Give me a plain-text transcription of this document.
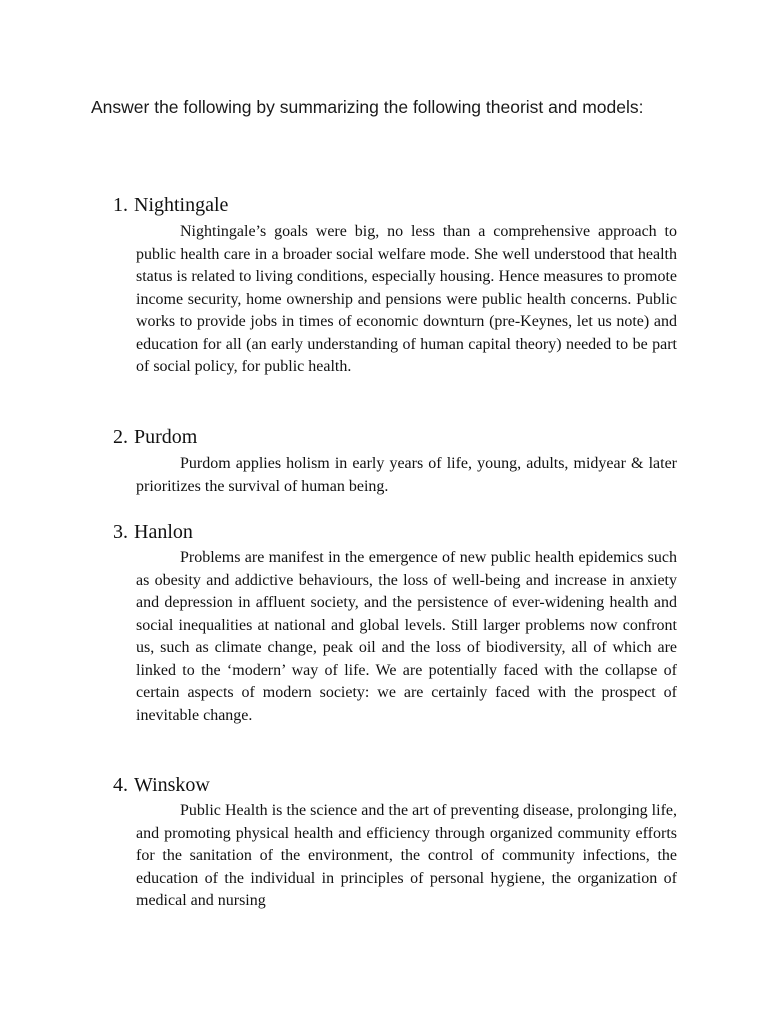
Answer the following by summarizing the following theorist and models:
1. Nightingale
Nightingale’s goals were big, no less than a comprehensive approach to public health care in a broader social welfare mode. She well understood that health status is related to living conditions, especially housing. Hence measures to promote income security, home ownership and pensions were public health concerns. Public works to provide jobs in times of economic downturn (pre-Keynes, let us note) and education for all (an early understanding of human capital theory) needed to be part of social policy, for public health.
2. Purdom
Purdom applies holism in early years of life, young, adults, midyear & later prioritizes the survival of human being.
3. Hanlon
Problems are manifest in the emergence of new public health epidemics such as obesity and addictive behaviours, the loss of well-being and increase in anxiety and depression in affluent society, and the persistence of ever-widening health and social inequalities at national and global levels. Still larger problems now confront us, such as climate change, peak oil and the loss of biodiversity, all of which are linked to the ‘modern’ way of life. We are potentially faced with the collapse of certain aspects of modern society: we are certainly faced with the prospect of inevitable change.
4. Winskow
Public Health is the science and the art of preventing disease, prolonging life, and promoting physical health and efficiency through organized community efforts for the sanitation of the environment, the control of community infections, the education of the individual in principles of personal hygiene, the organization of medical and nursing
